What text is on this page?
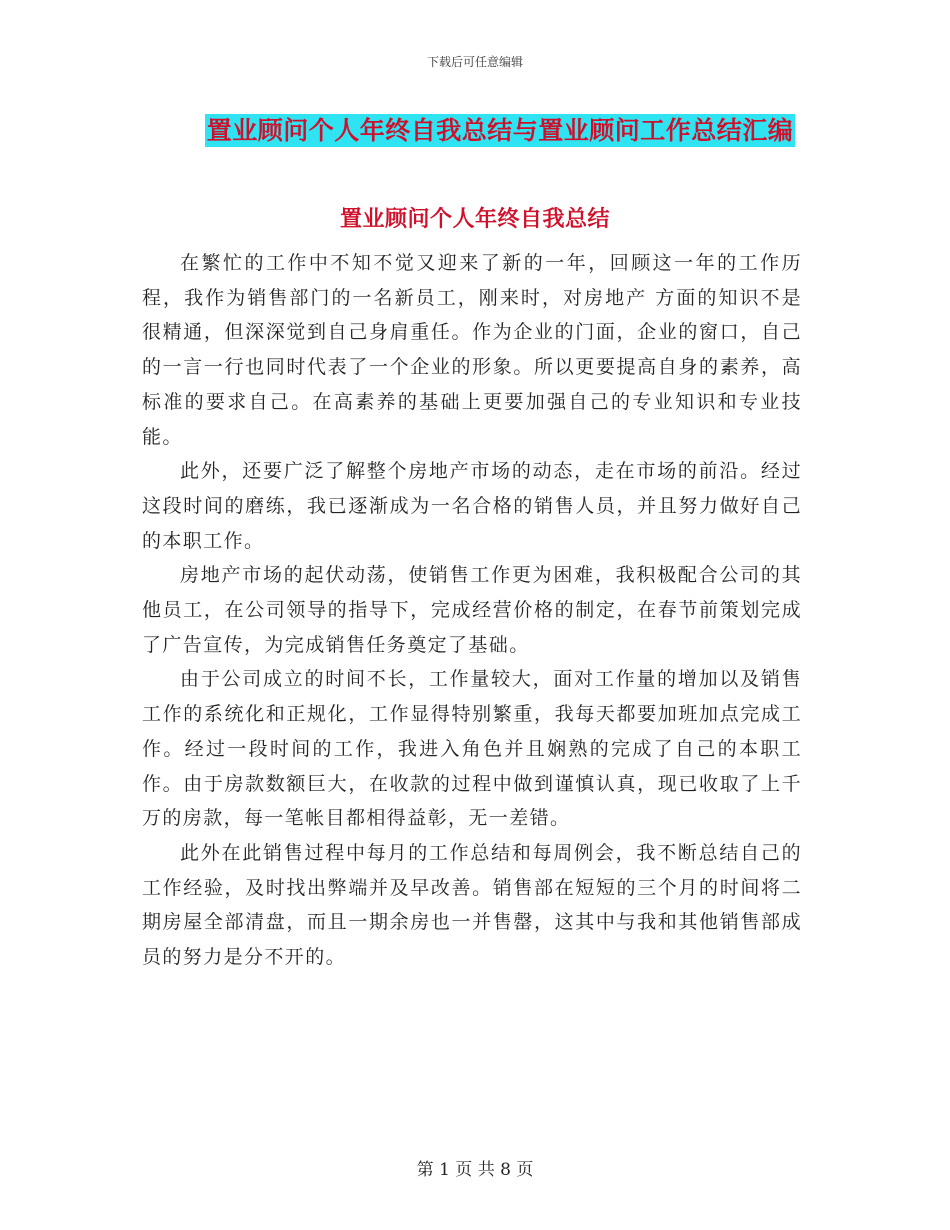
下载后可任意编辑
置业顾问个人年终自我总结与置业顾问工作总结汇编
置业顾问个人年终自我总结

在繁忙的工作中不知不觉又迎来了新的一年，回顾这一年的工作历程，我作为销售部门的一名新员工，刚来时，对房地产 方面的知识不是很精通，但深深觉到自己身肩重任。作为企业的门面，企业的窗口，自己的一言一行也同时代表了一个企业的形象。所以更要提高自身的素养，高标准的要求自己。在高素养的基础上更要加强自己的专业知识和专业技能。

此外，还要广泛了解整个房地产市场的动态，走在市场的前沿。经过这段时间的磨练，我已逐渐成为一名合格的销售人员，并且努力做好自己的本职工作。

房地产市场的起伏动荡，使销售工作更为困难，我积极配合公司的其他员工，在公司领导的指导下，完成经营价格的制定，在春节前策划完成了广告宣传，为完成销售任务奠定了基础。

由于公司成立的时间不长，工作量较大，面对工作量的增加以及销售工作的系统化和正规化，工作显得特别繁重，我每天都要加班加点完成工作。经过一段时间的工作，我进入角色并且娴熟的完成了自己的本职工作。由于房款数额巨大，在收款的过程中做到谨慎认真，现已收取了上千万的房款，每一笔帐目都相得益彰，无一差错。

此外在此销售过程中每月的工作总结和每周例会，我不断总结自己的工作经验，及时找出弊端并及早改善。销售部在短短的三个月的时间将二期房屋全部清盘，而且一期余房也一并售罄，这其中与我和其他销售部成员的努力是分不开的。

第 1 页 共 8 页
